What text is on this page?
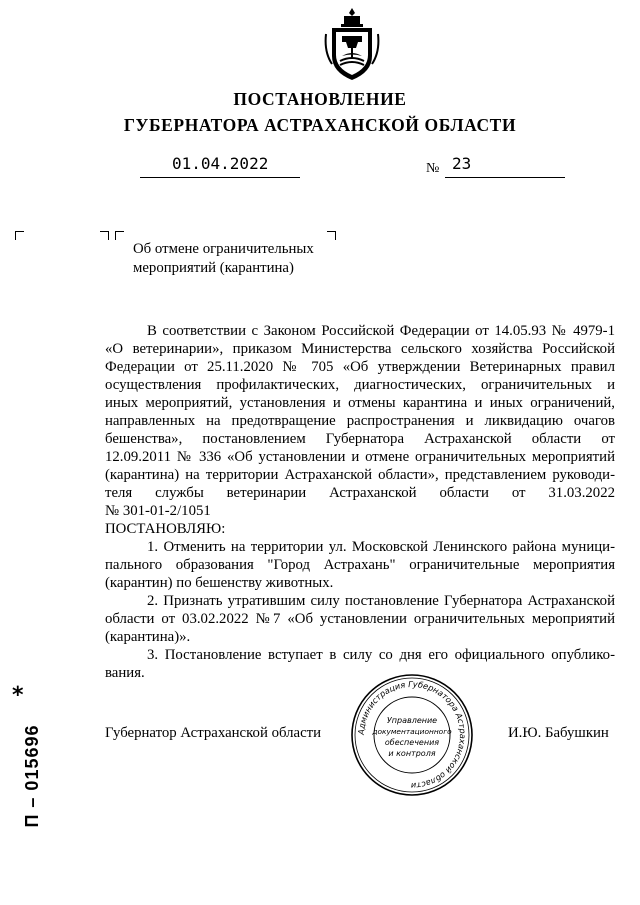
ПОСТАНОВЛЕНИЕ
ГУБЕРНАТОРА АСТРАХАНСКОЙ ОБЛАСТИ
01.04.2022	№ 23
Об отмене ограничительных
мероприятий (карантина)
В соответствии с Законом Российской Федерации от 14.05.93 № 4979-1
«О ветеринарии», приказом Министерства сельского хозяйства Российской
Федерации от 25.11.2020 № 705 «Об утверждении Ветеринарных правил
осуществления профилактических, диагностических, ограничительных и
иных мероприятий, установления и отмены карантина и иных ограничений,
направленных на предотвращение распространения и ликвидацию очагов
бешенства», постановлением Губернатора Астраханской области от
12.09.2011 № 336 «Об установлении и отмене ограничительных мероприятий
(карантина) на территории Астраханской области», представлением руководи-
теля службы ветеринарии Астраханской области от 31.03.2022
№ 301-01-2/1051
ПОСТАНОВЛЯЮ:
1. Отменить на территории ул. Московской Ленинского района муници-
пального образования "Город Астрахань" ограничительные мероприятия
(карантин) по бешенству животных.
2. Признать утратившим силу постановление Губернатора Астраханской
области от 03.02.2022 №7 «Об установлении ограничительных мероприятий
(карантина)».
3. Постановление вступает в силу со дня его официального опублико-
вания.
Губернатор Астраханской области	И.Ю. Бабушкин
Администрация Губернатора Астраханской области
Управление
документационного
обеспечения
и контроля
*
П – 015696
